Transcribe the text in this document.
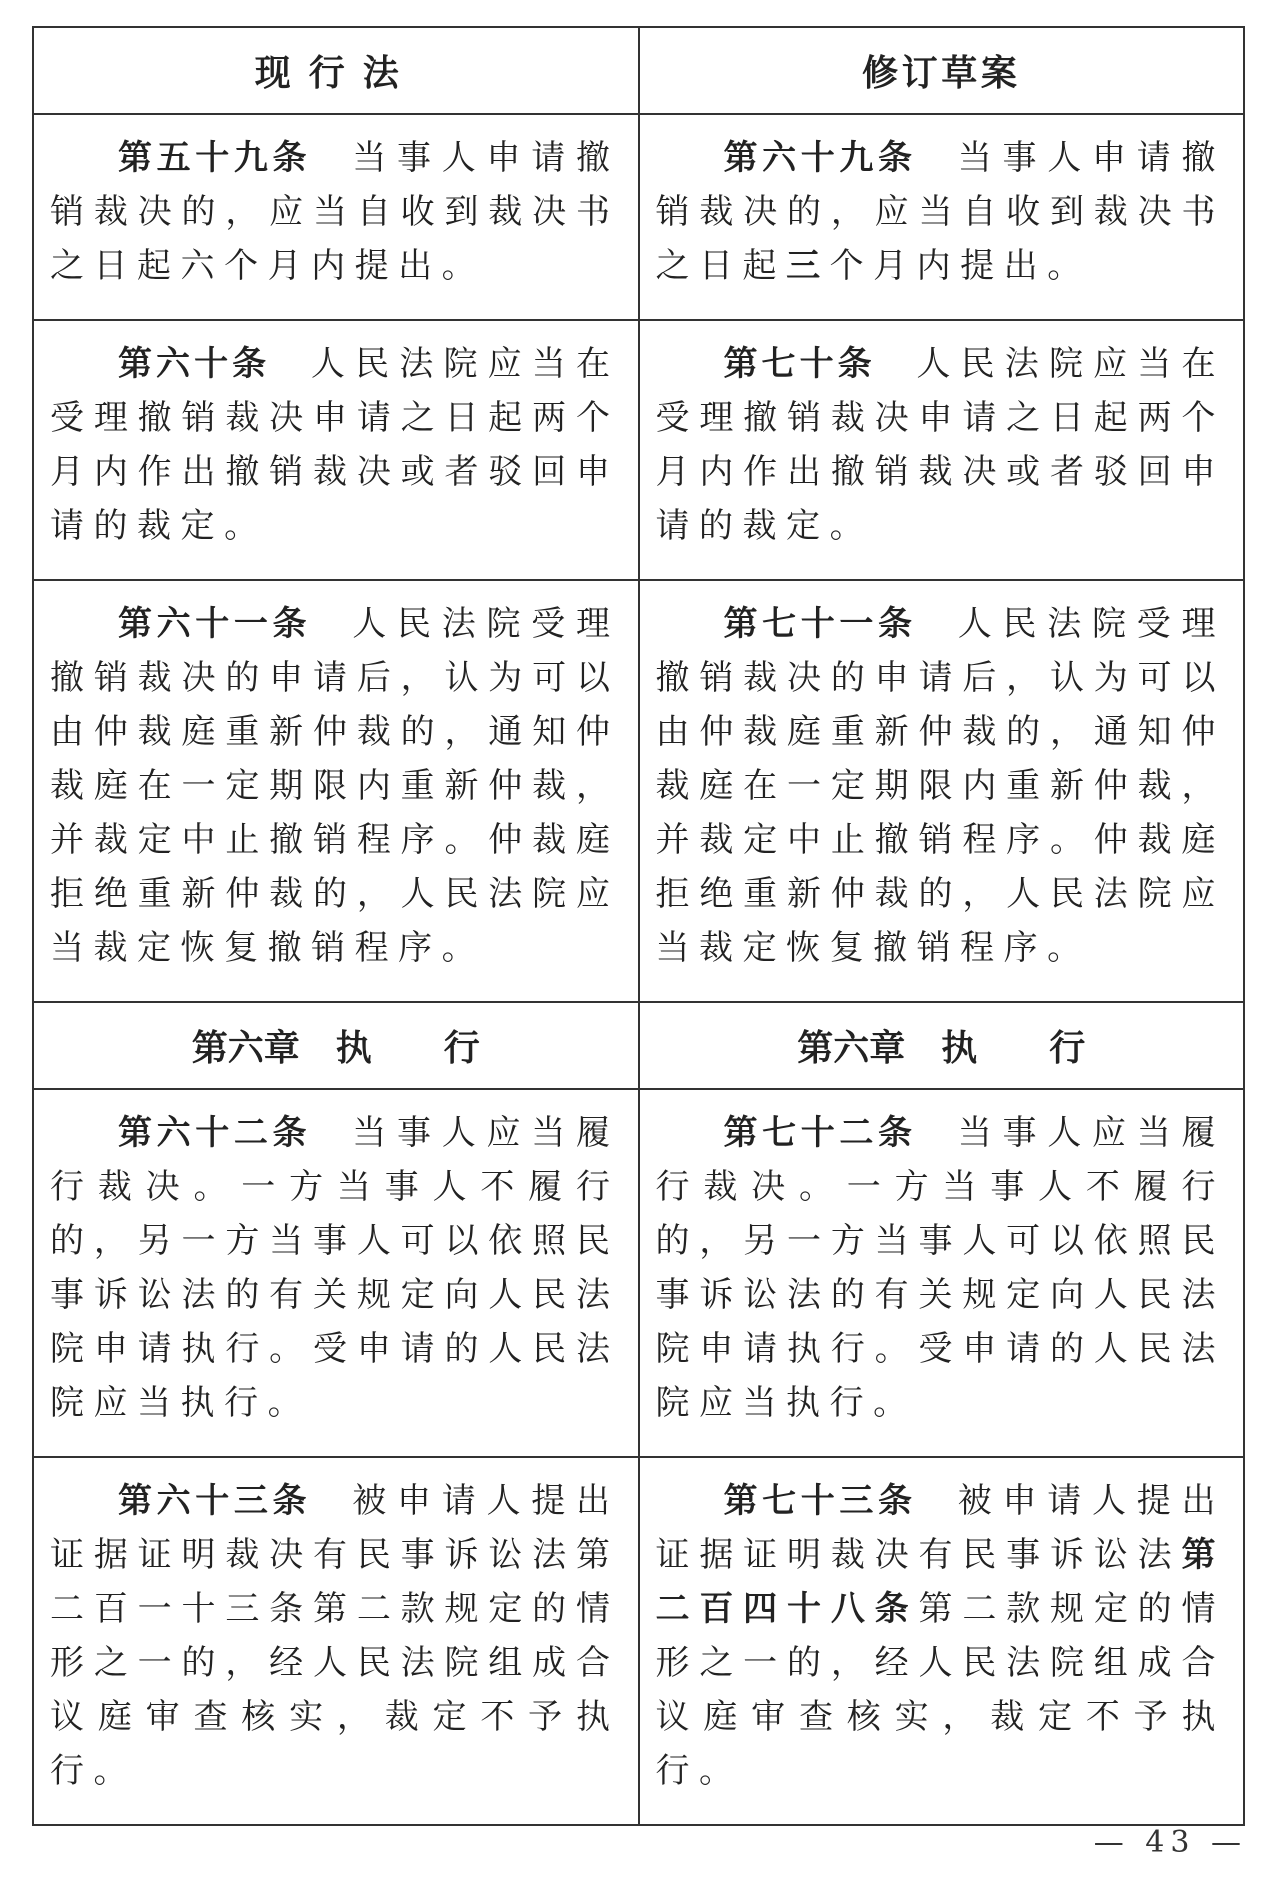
现行法	修订草案

第五十九条 当事人申请撤销裁决的，应当自收到裁决书之日起六个月内提出。	第六十九条 当事人申请撤销裁决的，应当自收到裁决书之日起三个月内提出。

第六十条 人民法院应当在受理撤销裁决申请之日起两个月内作出撤销裁决或者驳回申请的裁定。	第七十条 人民法院应当在受理撤销裁决申请之日起两个月内作出撤销裁决或者驳回申请的裁定。

第六十一条 人民法院受理撤销裁决的申请后，认为可以由仲裁庭重新仲裁的，通知仲裁庭在一定期限内重新仲裁，并裁定中止撤销程序。仲裁庭拒绝重新仲裁的，人民法院应当裁定恢复撤销程序。	第七十一条 人民法院受理撤销裁决的申请后，认为可以由仲裁庭重新仲裁的，通知仲裁庭在一定期限内重新仲裁，并裁定中止撤销程序。仲裁庭拒绝重新仲裁的，人民法院应当裁定恢复撤销程序。

第六章 执 行	第六章 执 行

第六十二条 当事人应当履行裁决。一方当事人不履行的，另一方当事人可以依照民事诉讼法的有关规定向人民法院申请执行。受申请的人民法院应当执行。	第七十二条 当事人应当履行裁决。一方当事人不履行的，另一方当事人可以依照民事诉讼法的有关规定向人民法院申请执行。受申请的人民法院应当执行。

第六十三条 被申请人提出证据证明裁决有民事诉讼法第二百一十三条第二款规定的情形之一的，经人民法院组成合议庭审查核实，裁定不予执行。	第七十三条 被申请人提出证据证明裁决有民事诉讼法第二百四十八条第二款规定的情形之一的，经人民法院组成合议庭审查核实，裁定不予执行。
— 43 —
